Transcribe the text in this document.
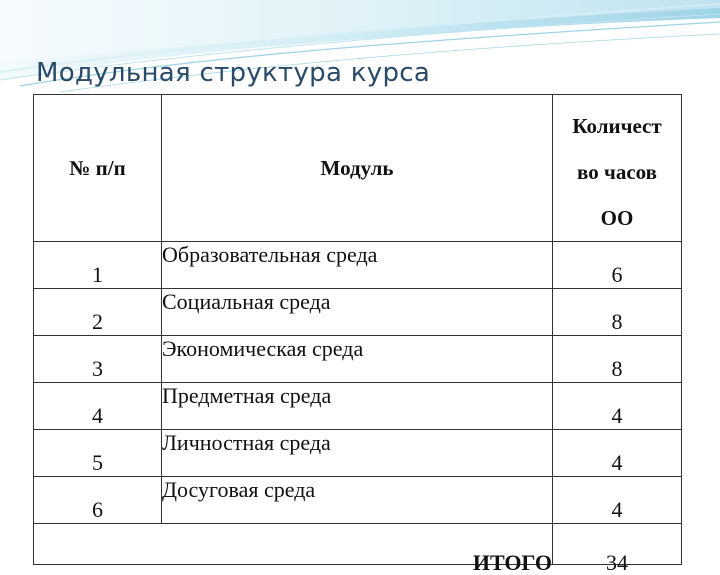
Модульная структура курса
№ п/п	Модуль	Количест
во часов
ОО

1	Образовательная среда	6
2	Социальная среда	8
3	Экономическая среда	8
4	Предметная среда	4
5	Личностная среда	4
6	Досуговая среда	4
ИТОГО		34
